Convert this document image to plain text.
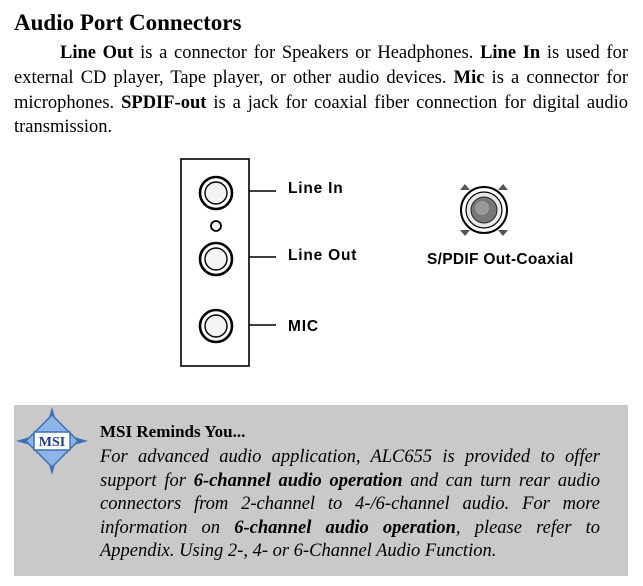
Audio Port Connectors
Line Out is a connector for Speakers or Headphones. Line In is used for external CD player, Tape player, or other audio devices. Mic is a connector for microphones. SPDIF-out is a jack for coaxial fiber connection for digital audio transmission.
Line In
Line Out
MIC
S/PDIF Out-Coaxial
MSI
MSI Reminds You...
For advanced audio application, ALC655 is provided to offer support for 6-channel audio operation and can turn rear audio connectors from 2-channel to 4-/6-channel audio. For more information on 6-channel audio operation, please refer to Appendix. Using 2-, 4- or 6-Channel Audio Function.
